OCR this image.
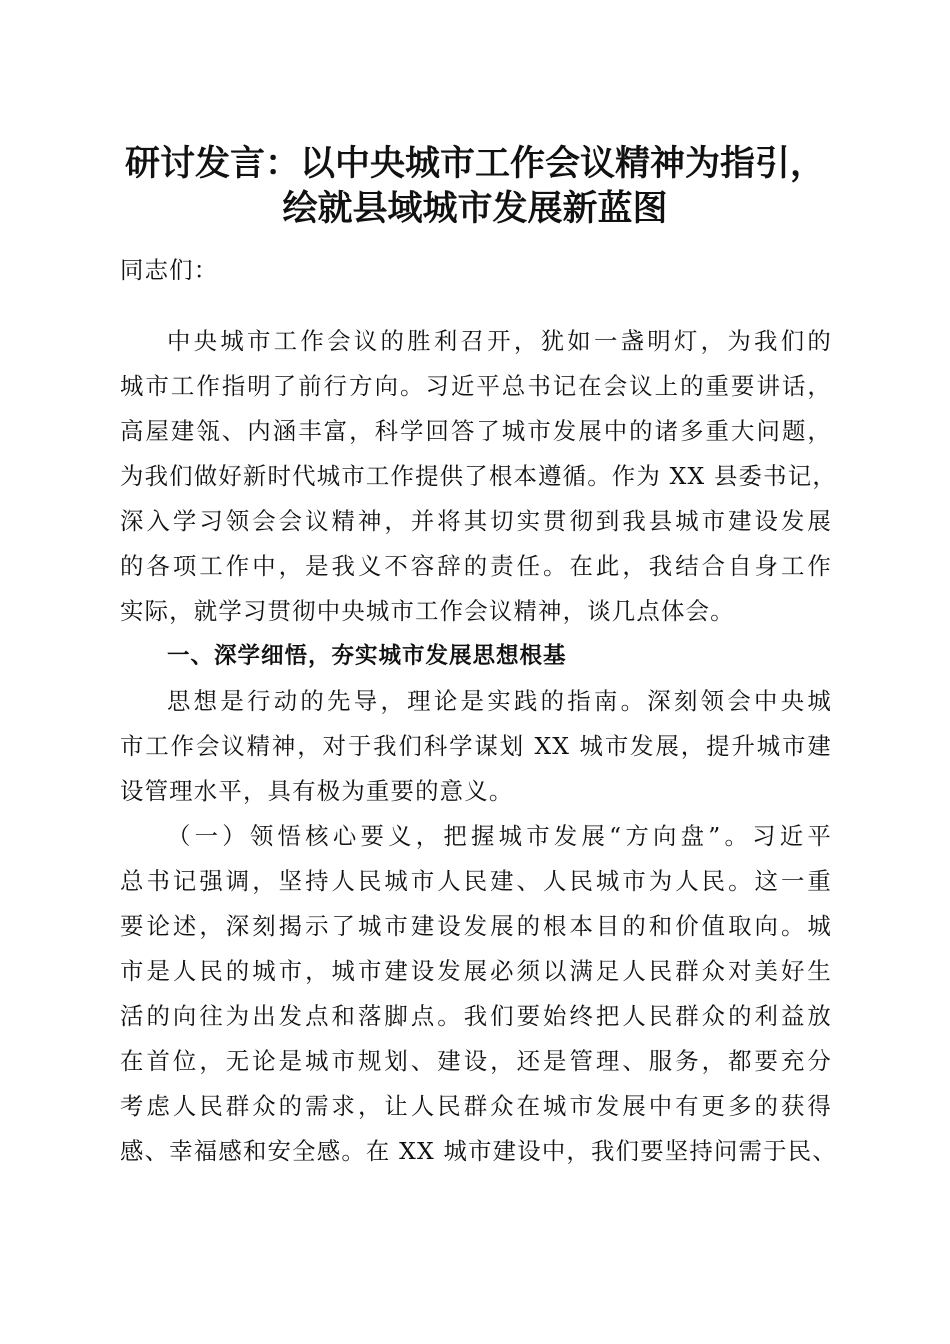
研讨发言：以中央城市工作会议精神为指引，
绘就县域城市发展新蓝图
同志们：
中央城市工作会议的胜利召开，犹如一盏明灯，为我们的
城市工作指明了前行方向。习近平总书记在会议上的重要讲话，
高屋建瓴、内涵丰富，科学回答了城市发展中的诸多重大问题，
为我们做好新时代城市工作提供了根本遵循。作为 XX 县委书记，
深入学习领会会议精神，并将其切实贯彻到我县城市建设发展
的各项工作中，是我义不容辞的责任。在此，我结合自身工作
实际，就学习贯彻中央城市工作会议精神，谈几点体会。
一、深学细悟，夯实城市发展思想根基
思想是行动的先导，理论是实践的指南。深刻领会中央城
市工作会议精神，对于我们科学谋划 XX 城市发展，提升城市建
设管理水平，具有极为重要的意义。
（一）领悟核心要义，把握城市发展“方向盘”。习近平
总书记强调，坚持人民城市人民建、人民城市为人民。这一重
要论述，深刻揭示了城市建设发展的根本目的和价值取向。城
市是人民的城市，城市建设发展必须以满足人民群众对美好生
活的向往为出发点和落脚点。我们要始终把人民群众的利益放
在首位，无论是城市规划、建设，还是管理、服务，都要充分
考虑人民群众的需求，让人民群众在城市发展中有更多的获得
感、幸福感和安全感。在 XX 城市建设中，我们要坚持问需于民、
